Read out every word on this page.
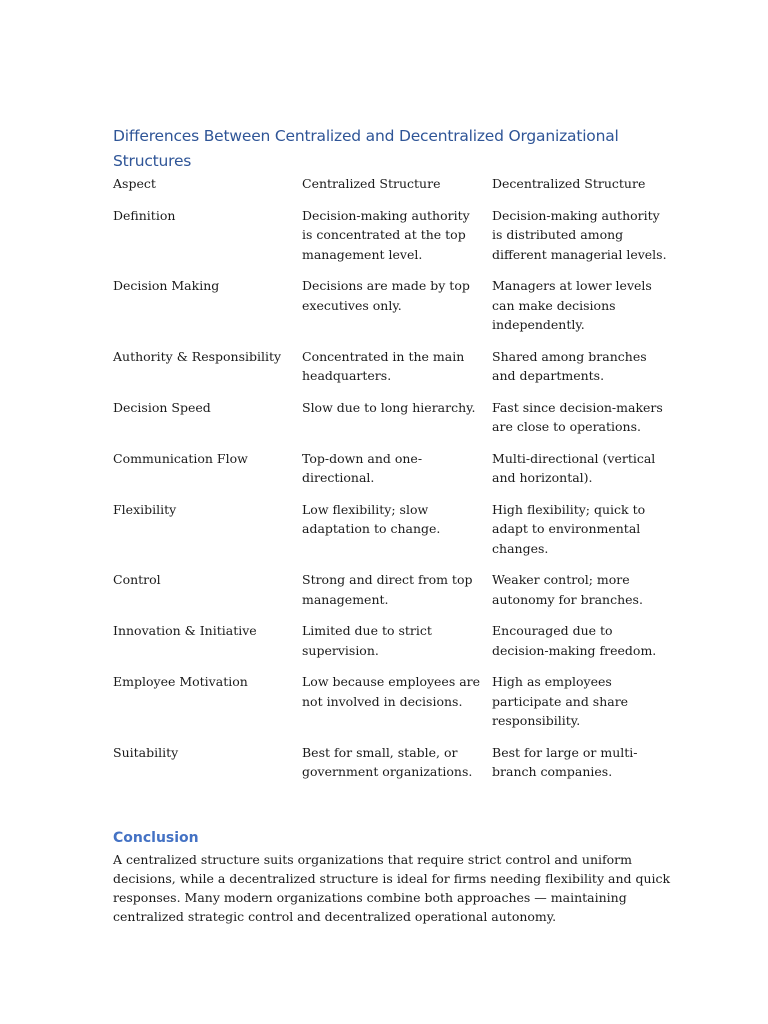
Differences Between Centralized and Decentralized Organizational Structures
Aspect	Centralized Structure	Decentralized Structure
Definition	Decision-making authority is concentrated at the top management level.	Decision-making authority is distributed among different managerial levels.
Decision Making	Decisions are made by top executives only.	Managers at lower levels can make decisions independently.
Authority & Responsibility	Concentrated in the main headquarters.	Shared among branches and departments.
Decision Speed	Slow due to long hierarchy.	Fast since decision-makers are close to operations.
Communication Flow	Top-down and one-directional.	Multi-directional (vertical and horizontal).
Flexibility	Low flexibility; slow adaptation to change.	High flexibility; quick to adapt to environmental changes.
Control	Strong and direct from top management.	Weaker control; more autonomy for branches.
Innovation & Initiative	Limited due to strict supervision.	Encouraged due to decision-making freedom.
Employee Motivation	Low because employees are not involved in decisions.	High as employees participate and share responsibility.
Suitability	Best for small, stable, or government organizations.	Best for large or multi-branch companies.
Conclusion

A centralized structure suits organizations that require strict control and uniform decisions, while a decentralized structure is ideal for firms needing flexibility and quick responses. Many modern organizations combine both approaches — maintaining centralized strategic control and decentralized operational autonomy.
